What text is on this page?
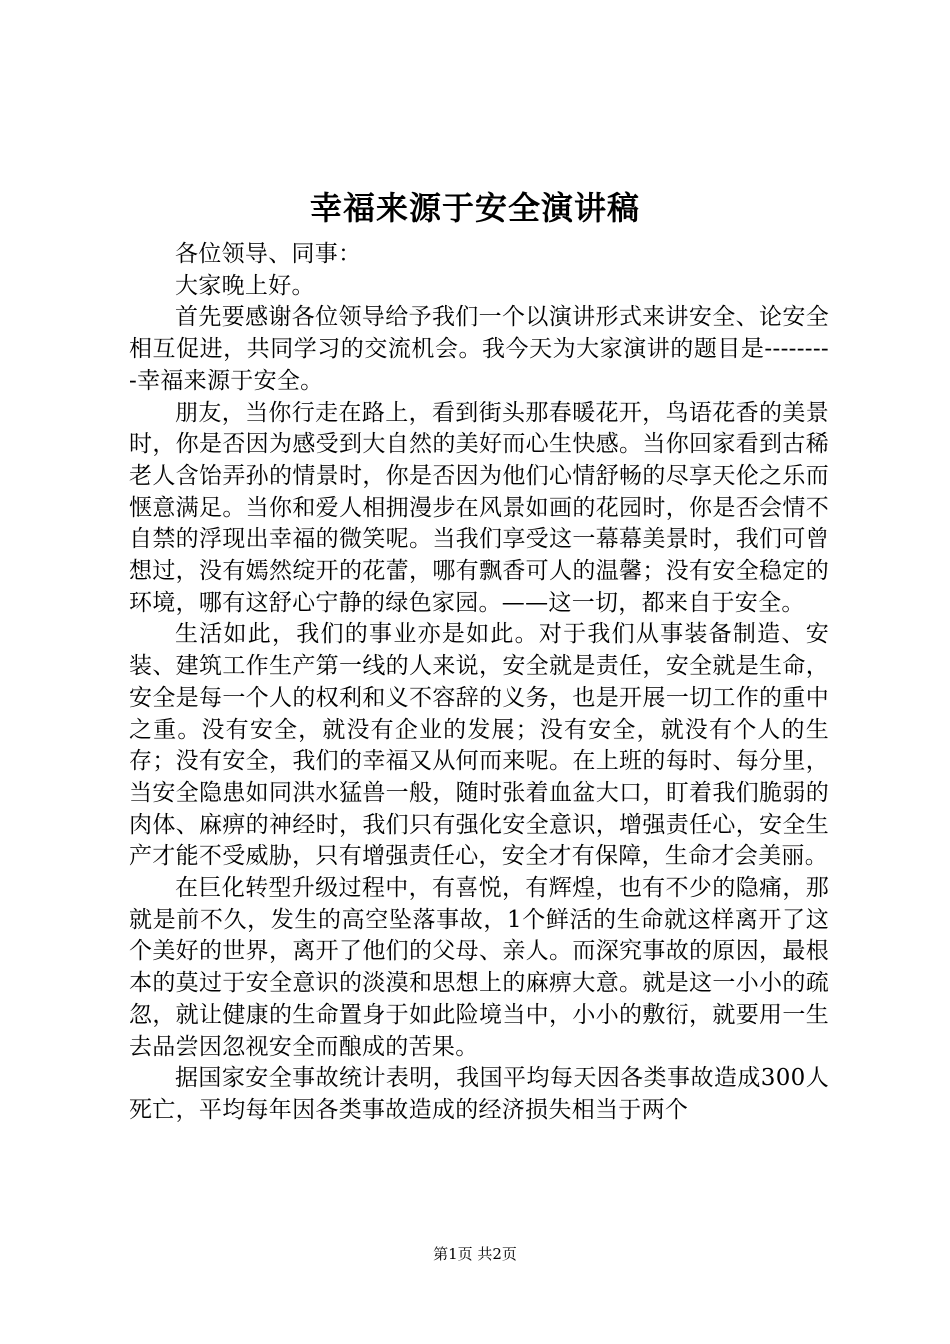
幸福来源于安全演讲稿

各位领导、同事：

大家晚上好。

首先要感谢各位领导给予我们一个以演讲形式来讲安全、论安全相互促进，共同学习的交流机会。我今天为大家演讲的题目是---------幸福来源于安全。

朋友，当你行走在路上，看到街头那春暖花开，鸟语花香的美景时，你是否因为感受到大自然的美好而心生快感。当你回家看到古稀老人含饴弄孙的情景时，你是否因为他们心情舒畅的尽享天伦之乐而惬意满足。当你和爱人相拥漫步在风景如画的花园时，你是否会情不自禁的浮现出幸福的微笑呢。当我们享受这一幕幕美景时，我们可曾想过，没有嫣然绽开的花蕾，哪有飘香可人的温馨；没有安全稳定的环境，哪有这舒心宁静的绿色家园。——这一切，都来自于安全。

生活如此，我们的事业亦是如此。对于我们从事装备制造、安装、建筑工作生产第一线的人来说，安全就是责任，安全就是生命，安全是每一个人的权利和义不容辞的义务，也是开展一切工作的重中之重。没有安全，就没有企业的发展；没有安全，就没有个人的生存；没有安全，我们的幸福又从何而来呢。在上班的每时、每分里，当安全隐患如同洪水猛兽一般，随时张着血盆大口，盯着我们脆弱的肉体、麻痹的神经时，我们只有强化安全意识，增强责任心，安全生产才能不受威胁，只有增强责任心，安全才有保障，生命才会美丽。

在巨化转型升级过程中，有喜悦，有辉煌，也有不少的隐痛，那就是前不久，发生的高空坠落事故，1个鲜活的生命就这样离开了这个美好的世界，离开了他们的父母、亲人。而深究事故的原因，最根本的莫过于安全意识的淡漠和思想上的麻痹大意。就是这一小小的疏忽，就让健康的生命置身于如此险境当中，小小的敷衍，就要用一生去品尝因忽视安全而酿成的苦果。

据国家安全事故统计表明，我国平均每天因各类事故造成300人死亡，平均每年因各类事故造成的经济损失相当于两个

第1页 共2页
